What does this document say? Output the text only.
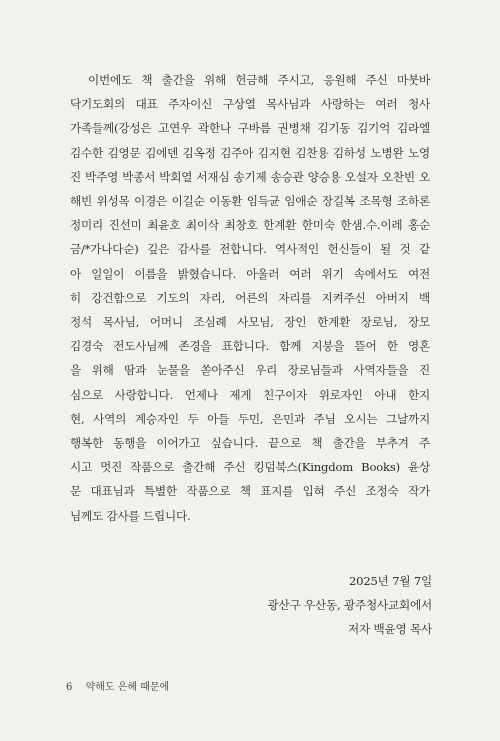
이번에도 책 출간을 위해 헌금해 주시고, 응원해 주신 마붓바
닥기도회의 대표 주자이신 구상열 목사님과 사랑하는 여러 청사
가족들께(강성은 고연우 곽한나 구바름 권병채 김기동 김기억 김라엘
김수한 김영문 김에덴 김옥정 김주아 김지현 김찬용 김하성 노병완 노영
진 박주영 박종서 박회열 서재심 송기제 송승관 양승용 오설자 오찬빈 오
해빈 위성목 이경은 이길순 이동환 임득균 임애순 장길복 조목형 조하론
정미리 진선미 최윤호 최이삭 최창호 한계환 한미숙 한샘.수.이레 홍순
금/*가나다순) 깊은 감사를 전합니다. 역사적인 헌신들이 될 것 같
아 일일이 이름을 밝혔습니다. 아울러 여러 위기 속에서도 여전
히 강건함으로 기도의 자리, 어른의 자리를 지켜주신 아버지 백
정석 목사님, 어머니 조심례 사모님, 장인 한계환 장로님, 장모
김경숙 전도사님께 존경을 표합니다. 함께 지붕을 뜯어 한 영혼
을 위해 땀과 눈물을 쏟아주신 우리 장로님들과 사역자들을 진
심으로 사랑합니다. 언제나 제게 친구이자 위로자인 아내 한지
현, 사역의 계승자인 두 아들 두민, 은민과 주님 오시는 그날까지
행복한 동행을 이어가고 싶습니다. 끝으로 책 출간을 부추겨 주
시고 멋진 작품으로 출간해 주신 킹덤북스(Kingdom Books) 윤상
문 대표님과 특별한 작품으로 책 표지를 입혀 주신 조정숙 작가
님께도 감사를 드립니다.
2025년 7월 7일
광산구 우산동, 광주청사교회에서
저자 백윤영 목사
6 약해도 은혜 때문에
